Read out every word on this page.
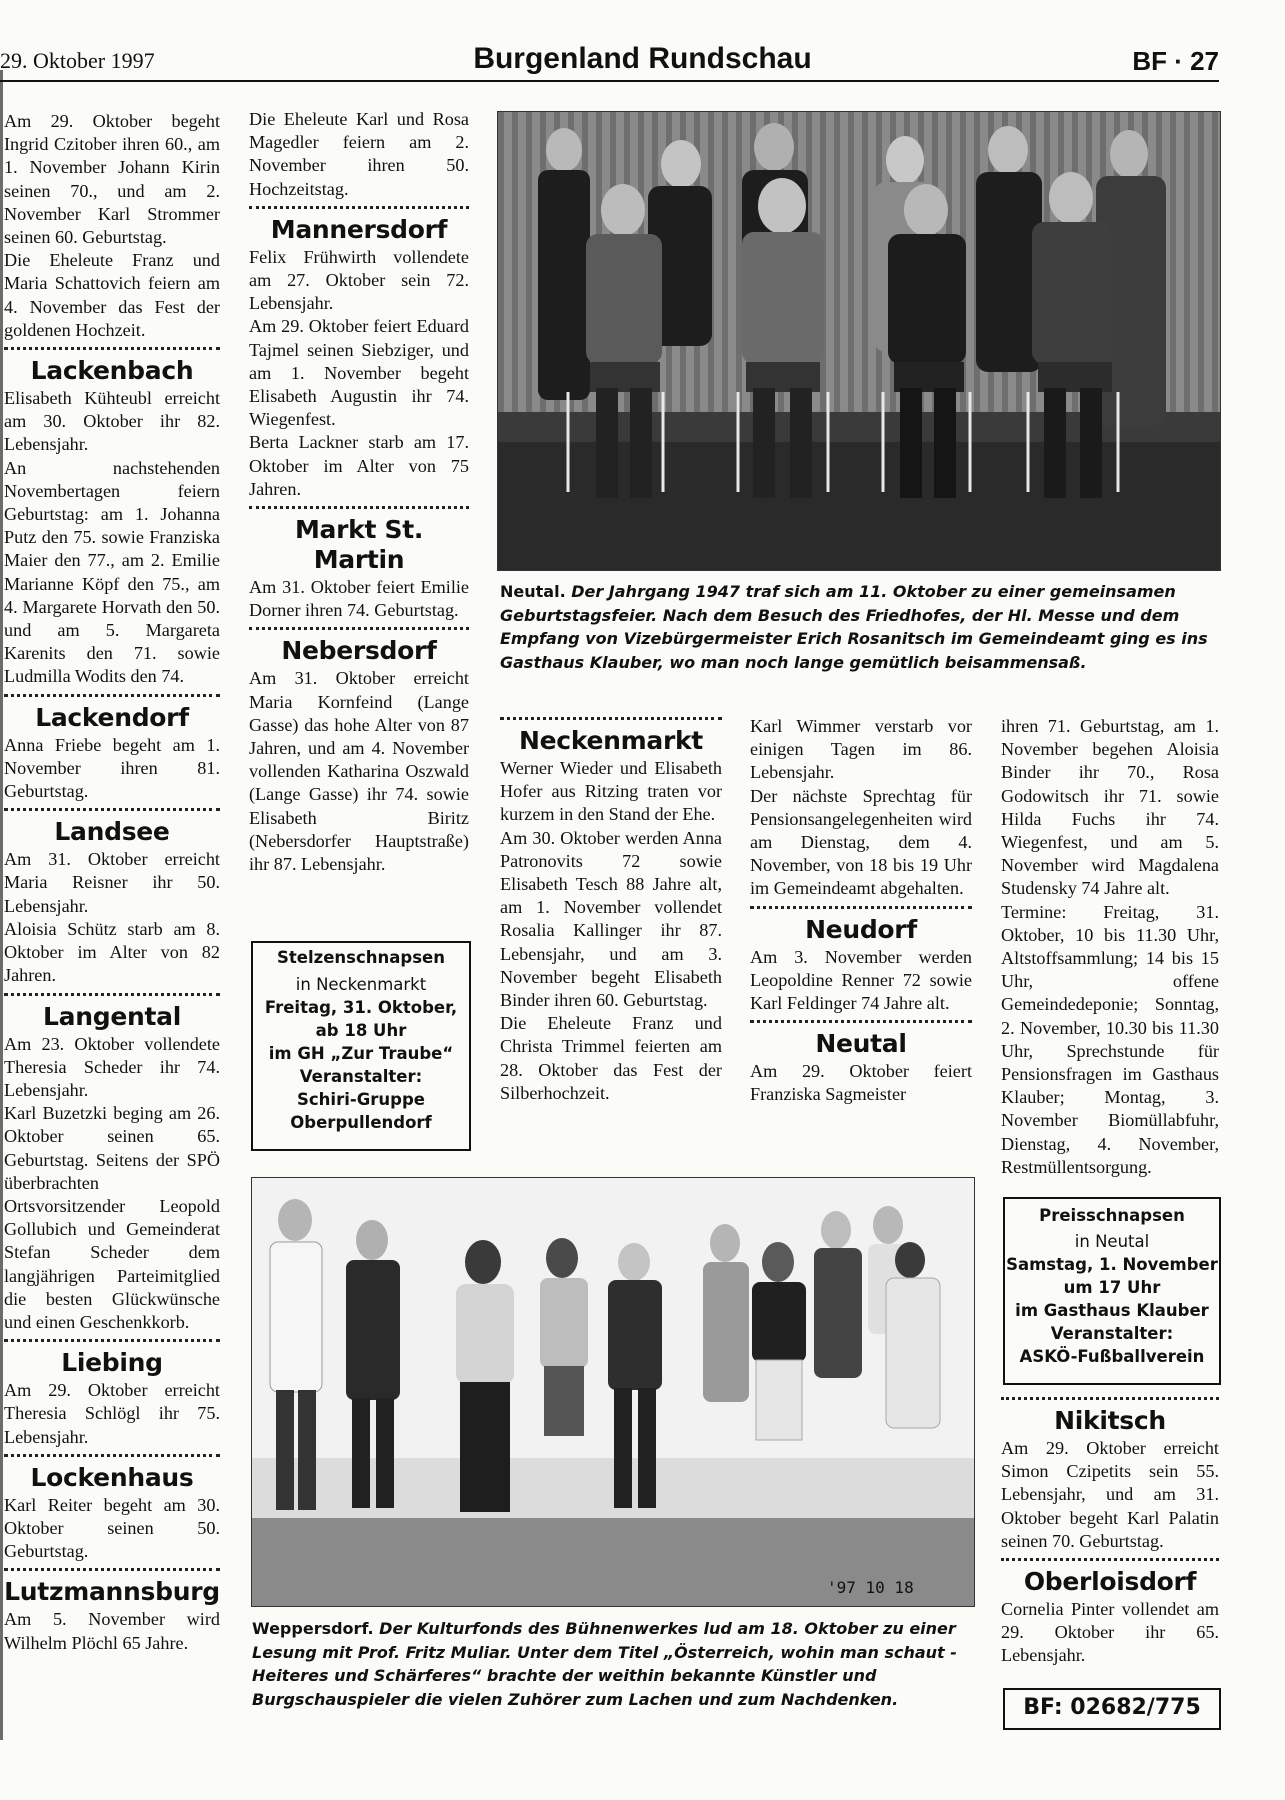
29. Oktober 1997	Burgenland Rundschau	BF · 27

Am 29. Oktober begeht Ingrid Czitober ihren 60., am 1. November Johann Kirin seinen 70., und am 2. November Karl Strommer seinen 60. Geburtstag.

Die Eheleute Franz und Maria Schattovich feiern am 4. November das Fest der goldenen Hochzeit.

Lackenbach

Elisabeth Kühteubl erreicht am 30. Oktober ihr 82. Lebensjahr.

An nachstehenden Novembertagen feiern Geburtstag: am 1. Johanna Putz den 75. sowie Franziska Maier den 77., am 2. Emilie Marianne Köpf den 75., am 4. Margarete Horvath den 50. und am 5. Margareta Karenits den 71. sowie Ludmilla Wodits den 74.

Lackendorf

Anna Friebe begeht am 1. November ihren 81. Geburtstag.

Landsee

Am 31. Oktober erreicht Maria Reisner ihr 50. Lebensjahr.

Aloisia Schütz starb am 8. Oktober im Alter von 82 Jahren.

Langental

Am 23. Oktober vollendete Theresia Scheder ihr 74. Lebensjahr.

Karl Buzetzki beging am 26. Oktober seinen 65. Geburtstag. Seitens der SPÖ überbrachten Ortsvorsitzender Leopold Gollubich und Gemeinderat Stefan Scheder dem langjährigen Parteimitglied die besten Glückwünsche und einen Geschenkkorb.

Liebing

Am 29. Oktober erreicht Theresia Schlögl ihr 75. Lebensjahr.

Lockenhaus

Karl Reiter begeht am 30. Oktober seinen 50. Geburtstag.

Lutzmannsburg

Am 5. November wird Wilhelm Plöchl 65 Jahre.

Die Eheleute Karl und Rosa Magedler feiern am 2. November ihren 50. Hochzeitstag.

Mannersdorf

Felix Frühwirth vollendete am 27. Oktober sein 72. Lebensjahr.

Am 29. Oktober feiert Eduard Tajmel seinen Siebziger, und am 1. November begeht Elisabeth Augustin ihr 74. Wiegenfest.

Berta Lackner starb am 17. Oktober im Alter von 75 Jahren.

Markt St. Martin

Am 31. Oktober feiert Emilie Dorner ihren 74. Geburtstag.

Nebersdorf

Am 31. Oktober erreicht Maria Kornfeind (Lange Gasse) das hohe Alter von 87 Jahren, und am 4. November vollenden Katharina Oszwald (Lange Gasse) ihr 74. sowie Elisabeth Biritz (Nebersdorfer Hauptstraße) ihr 87. Lebensjahr.

Stelzenschnapsen
in Neckenmarkt
Freitag, 31. Oktober,
ab 18 Uhr
im GH „Zur Traube“
Veranstalter:
Schiri-Gruppe
Oberpullendorf
Neutal. Der Jahrgang 1947 traf sich am 11. Oktober zu einer gemeinsamen Geburtstagsfeier. Nach dem Besuch des Friedhofes, der Hl. Messe und dem Empfang von Vizebürgermeister Erich Rosanitsch im Gemeindeamt ging es ins Gasthaus Klauber, wo man noch lange gemütlich beisammensaß.
Neckenmarkt

Werner Wieder und Elisabeth Hofer aus Ritzing traten vor kurzem in den Stand der Ehe.

Am 30. Oktober werden Anna Patronovits 72 sowie Elisabeth Tesch 88 Jahre alt, am 1. November vollendet Rosalia Kallinger ihr 87. Lebensjahr, und am 3. November begeht Elisabeth Binder ihren 60. Geburtstag.

Die Eheleute Franz und Christa Trimmel feierten am 28. Oktober das Fest der Silberhochzeit.

Karl Wimmer verstarb vor einigen Tagen im 86. Lebensjahr.

Der nächste Sprechtag für Pensionsangelegenheiten wird am Dienstag, dem 4. November, von 18 bis 19 Uhr im Gemeindeamt abgehalten.

Neudorf

Am 3. November werden Leopoldine Renner 72 sowie Karl Feldinger 74 Jahre alt.

Neutal

Am 29. Oktober feiert Franziska Sagmeister

ihren 71. Geburtstag, am 1. November begehen Aloisia Binder ihr 70., Rosa Godowitsch ihr 71. sowie Hilda Fuchs ihr 74. Wiegenfest, und am 5. November wird Magdalena Studensky 74 Jahre alt.

Termine: Freitag, 31. Oktober, 10 bis 11.30 Uhr, Altstoffsammlung; 14 bis 15 Uhr, offene Gemeindedeponie; Sonntag, 2. November, 10.30 bis 11.30 Uhr, Sprechstunde für Pensionsfragen im Gasthaus Klauber; Montag, 3. November Biomüllabfuhr, Dienstag, 4. November, Restmüllentsorgung.

Preisschnapsen
in Neutal
Samstag, 1. November
um 17 Uhr
im Gasthaus Klauber
Veranstalter:
ASKÖ-Fußballverein
Nikitsch

Am 29. Oktober erreicht Simon Czipetits sein 55. Lebensjahr, und am 31. Oktober begeht Karl Palatin seinen 70. Geburtstag.

Oberloisdorf

Cornelia Pinter vollendet am 29. Oktober ihr 65. Lebensjahr.

BF: 02682/775
'97 10 18
Weppersdorf. Der Kulturfonds des Bühnenwerkes lud am 18. Oktober zu einer Lesung mit Prof. Fritz Muliar. Unter dem Titel „Österreich, wohin man schaut - Heiteres und Schärferes“ brachte der weithin bekannte Künstler und Burgschauspieler die vielen Zuhörer zum Lachen und zum Nachdenken.
